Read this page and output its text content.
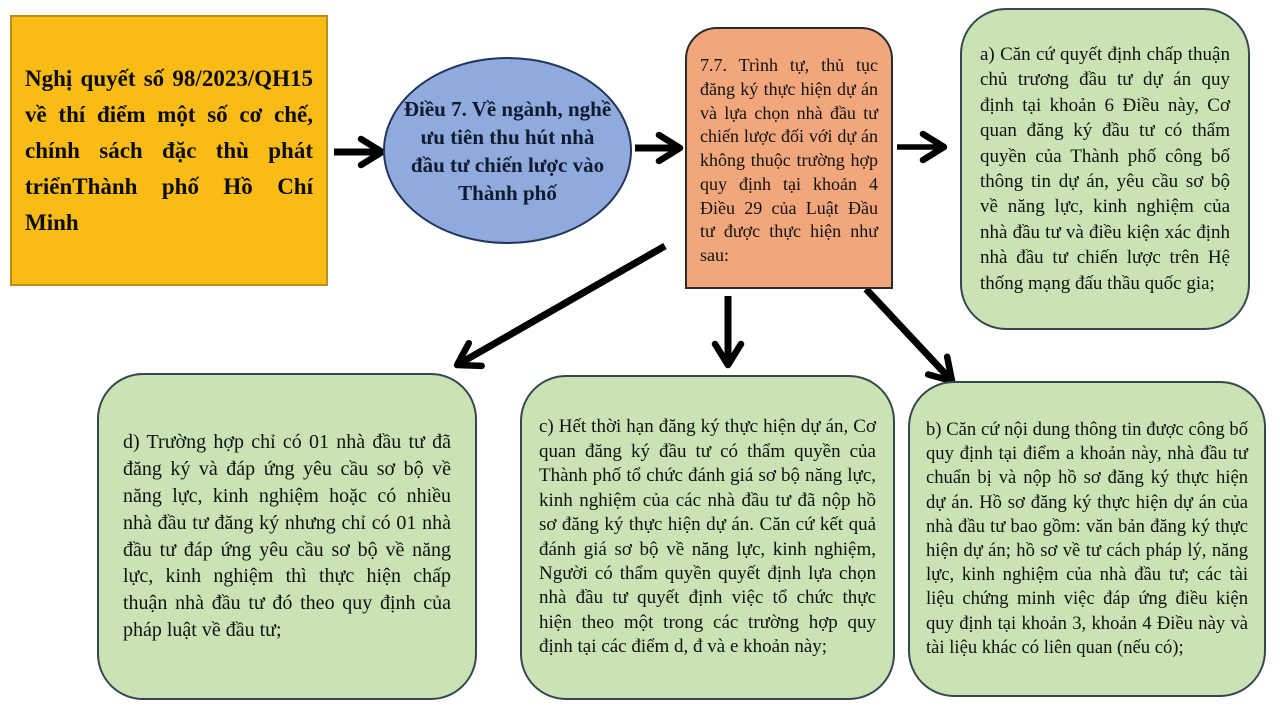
Nghị quyết số 98/2023/QH15 về thí điểm một số cơ chế, chính sách đặc thù phát triểnThành phố Hồ Chí Minh

Điều 7. Về ngành, nghề ưu tiên thu hút nhà đầu tư chiến lược vào Thành phố

7.7. Trình tự, thủ tục đăng ký thực hiện dự án và lựa chọn nhà đầu tư chiến lược đối với dự án không thuộc trường hợp quy định tại khoản 4 Điều 29 của Luật Đầu tư được thực hiện như sau:

a) Căn cứ quyết định chấp thuận chủ trương đầu tư dự án quy định tại khoản 6 Điều này, Cơ quan đăng ký đầu tư có thẩm quyền của Thành phố công bố thông tin dự án, yêu cầu sơ bộ về năng lực, kinh nghiệm của nhà đầu tư và điều kiện xác định nhà đầu tư chiến lược trên Hệ thống mạng đấu thầu quốc gia;

d) Trường hợp chỉ có 01 nhà đầu tư đã đăng ký và đáp ứng yêu cầu sơ bộ về năng lực, kinh nghiệm hoặc có nhiều nhà đầu tư đăng ký nhưng chỉ có 01 nhà đầu tư đáp ứng yêu cầu sơ bộ về năng lực, kinh nghiệm thì thực hiện chấp thuận nhà đầu tư đó theo quy định của pháp luật về đầu tư;

c) Hết thời hạn đăng ký thực hiện dự án, Cơ quan đăng ký đầu tư có thẩm quyền của Thành phố tổ chức đánh giá sơ bộ năng lực, kinh nghiệm của các nhà đầu tư đã nộp hồ sơ đăng ký thực hiện dự án. Căn cứ kết quả đánh giá sơ bộ về năng lực, kinh nghiệm, Người có thẩm quyền quyết định lựa chọn nhà đầu tư quyết định việc tổ chức thực hiện theo một trong các trường hợp quy định tại các điểm d, đ và e khoản này;

b) Căn cứ nội dung thông tin được công bố quy định tại điểm a khoản này, nhà đầu tư chuẩn bị và nộp hồ sơ đăng ký thực hiện dự án. Hồ sơ đăng ký thực hiện dự án của nhà đầu tư bao gồm: văn bản đăng ký thực hiện dự án; hồ sơ về tư cách pháp lý, năng lực, kinh nghiệm của nhà đầu tư; các tài liệu chứng minh việc đáp ứng điều kiện quy định tại khoản 3, khoản 4 Điều này và tài liệu khác có liên quan (nếu có);
